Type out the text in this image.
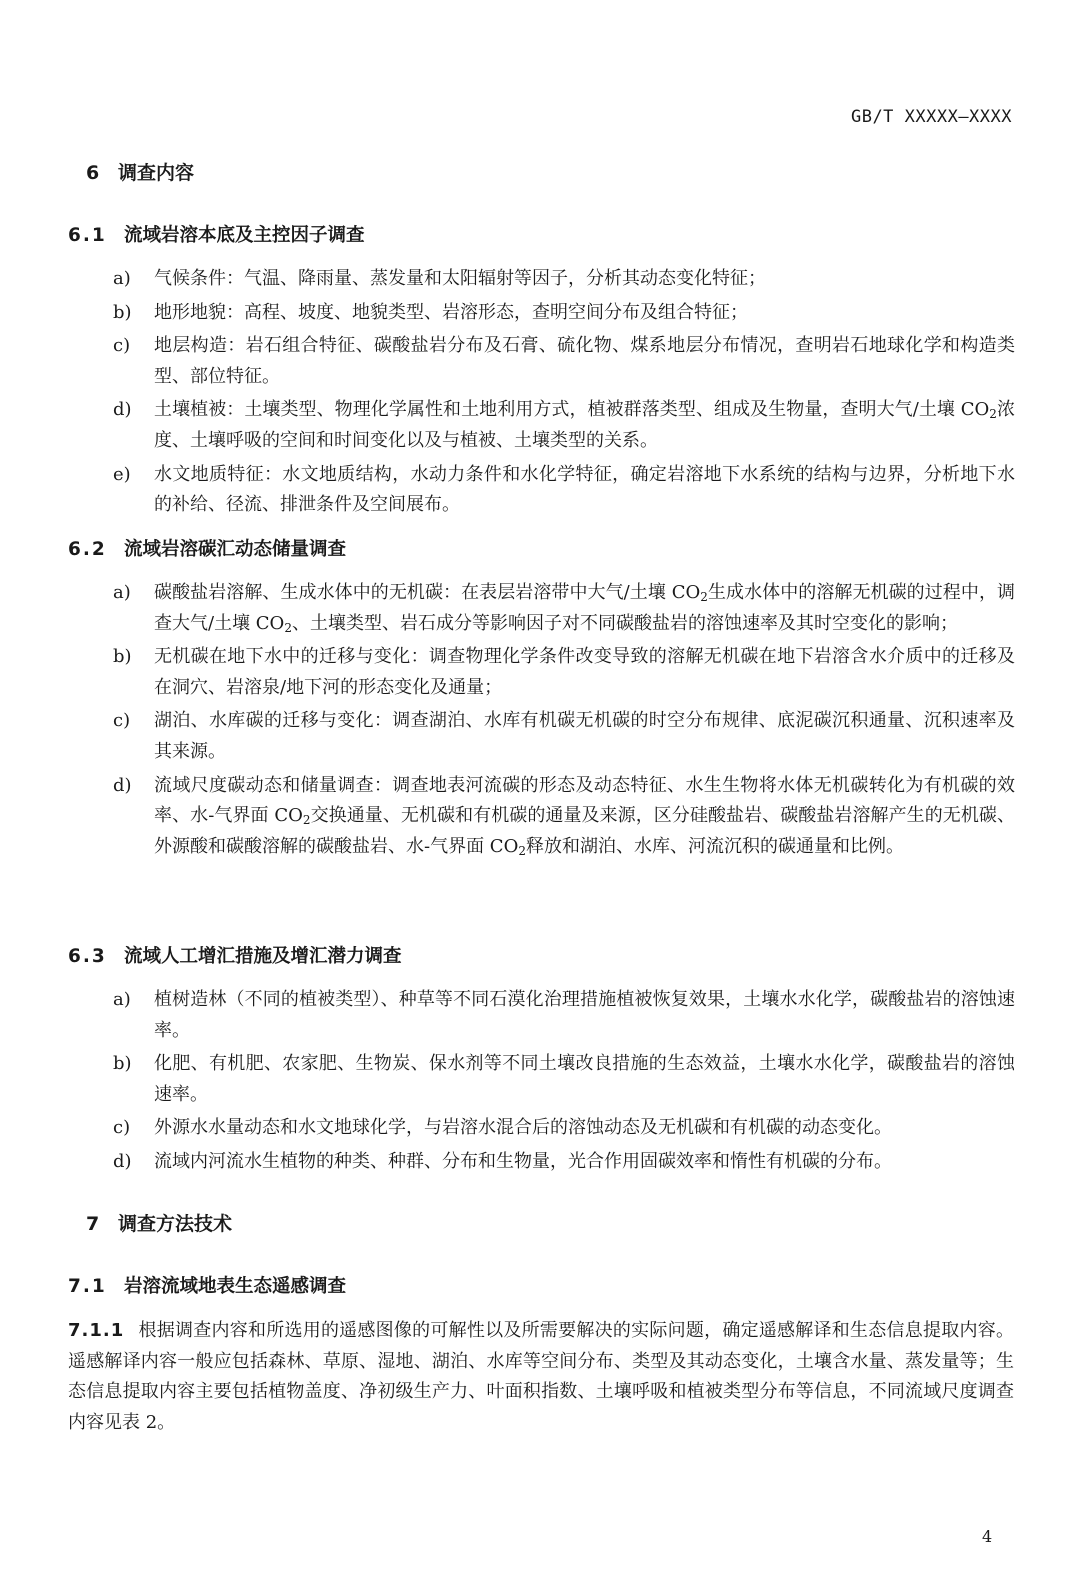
GB/T XXXXX—XXXX
6 调查内容
6.1 流域岩溶本底及主控因子调查
a)	气候条件：气温、降雨量、蒸发量和太阳辐射等因子，分析其动态变化特征；
b)	地形地貌：高程、坡度、地貌类型、岩溶形态，查明空间分布及组合特征；
c)	地层构造：岩石组合特征、碳酸盐岩分布及石膏、硫化物、煤系地层分布情况，查明岩石地球化学和构造类型、部位特征。
d)	土壤植被：土壤类型、物理化学属性和土地利用方式，植被群落类型、组成及生物量，查明大气/土壤 $CO_2$浓度、土壤呼吸的空间和时间变化以及与植被、土壤类型的关系。
e)	水文地质特征：水文地质结构，水动力条件和水化学特征，确定岩溶地下水系统的结构与边界，分析地下水的补给、径流、排泄条件及空间展布。
6.2 流域岩溶碳汇动态储量调查
a)	碳酸盐岩溶解、生成水体中的无机碳：在表层岩溶带中大气/土壤 $CO_2$生成水体中的溶解无机碳的过程中，调查大气/土壤 $CO_2$、土壤类型、岩石成分等影响因子对不同碳酸盐岩的溶蚀速率及其时空变化的影响；
b)	无机碳在地下水中的迁移与变化：调查物理化学条件改变导致的溶解无机碳在地下岩溶含水介质中的迁移及在洞穴、岩溶泉/地下河的形态变化及通量；
c)	湖泊、水库碳的迁移与变化：调查湖泊、水库有机碳无机碳的时空分布规律、底泥碳沉积通量、沉积速率及其来源。
d)	流域尺度碳动态和储量调查：调查地表河流碳的形态及动态特征、水生生物将水体无机碳转化为有机碳的效率、水-气界面 $CO_2$交换通量、无机碳和有机碳的通量及来源，区分硅酸盐岩、碳酸盐岩溶解产生的无机碳、外源酸和碳酸溶解的碳酸盐岩、水-气界面 $CO_2$释放和湖泊、水库、河流沉积的碳通量和比例。
6.3 流域人工增汇措施及增汇潜力调查
a)	植树造林（不同的植被类型）、种草等不同石漠化治理措施植被恢复效果，土壤水水化学，碳酸盐岩的溶蚀速率。
b)	化肥、有机肥、农家肥、生物炭、保水剂等不同土壤改良措施的生态效益，土壤水水化学，碳酸盐岩的溶蚀速率。
c)	外源水水量动态和水文地球化学，与岩溶水混合后的溶蚀动态及无机碳和有机碳的动态变化。
d)	流域内河流水生植物的种类、种群、分布和生物量，光合作用固碳效率和惰性有机碳的分布。
7 调查方法技术
7.1 岩溶流域地表生态遥感调查
7.1.1 根据调查内容和所选用的遥感图像的可解性以及所需要解决的实际问题，确定遥感解译和生态信息提取内容。遥感解译内容一般应包括森林、草原、湿地、湖泊、水库等空间分布、类型及其动态变化，土壤含水量、蒸发量等；生态信息提取内容主要包括植物盖度、净初级生产力、叶面积指数、土壤呼吸和植被类型分布等信息，不同流域尺度调查内容见表 2。
4
